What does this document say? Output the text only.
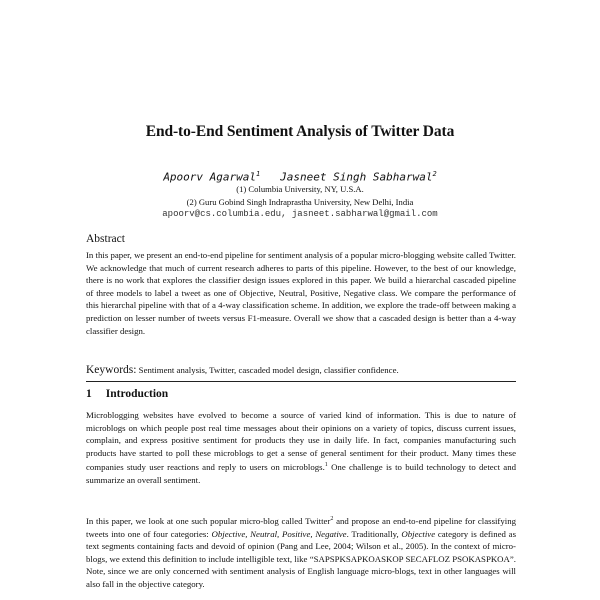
End-to-End Sentiment Analysis of Twitter Data
Apoorv Agarwal$^1$ Jasneet Singh Sabharwal$^2$
(1) Columbia University, NY, U.S.A.
(2) Guru Gobind Singh Indraprastha University, New Delhi, India
apoorv@cs.columbia.edu, jasneet.sabharwal@gmail.com
Abstract
In this paper, we present an end-to-end pipeline for sentiment analysis of a popular micro-blogging website called Twitter. We acknowledge that much of current research adheres to parts of this pipeline. However, to the best of our knowledge, there is no work that explores the classifier design issues explored in this paper. We build a hierarchal cascaded pipeline of three models to label a tweet as one of Objective, Neutral, Positive, Negative class. We compare the performance of this hierarchal pipeline with that of a 4-way classification scheme. In addition, we explore the trade-off between making a prediction on lesser number of tweets versus F1-measure. Overall we show that a cascaded design is better than a 4-way classifier design.
Keywords: Sentiment analysis, Twitter, cascaded model design, classifier confidence.
1 Introduction
Microblogging websites have evolved to become a source of varied kind of information. This is due to nature of microblogs on which people post real time messages about their opinions on a variety of topics, discuss current issues, complain, and express positive sentiment for products they use in daily life. In fact, companies manufacturing such products have started to poll these microblogs to get a sense of general sentiment for their product. Many times these companies study user reactions and reply to users on microblogs.$^1$ One challenge is to build technology to detect and summarize an overall sentiment.
In this paper, we look at one such popular micro-blog called Twitter$^2$ and propose an end-to-end pipeline for classifying tweets into one of four categories: Objective, Neutral, Positive, Negative. Traditionally, Objective category is defined as text segments containing facts and devoid of opinion (Pang and Lee, 2004; Wilson et al., 2005). In the context of micro-blogs, we extend this definition to include intelligible text, like “SAPSPKSAPKOASKOP SECAFLOZ PSOKASPKOA”. Note, since we are only concerned with sentiment analysis of English language micro-blogs, text in other languages will also fall in the objective category.
